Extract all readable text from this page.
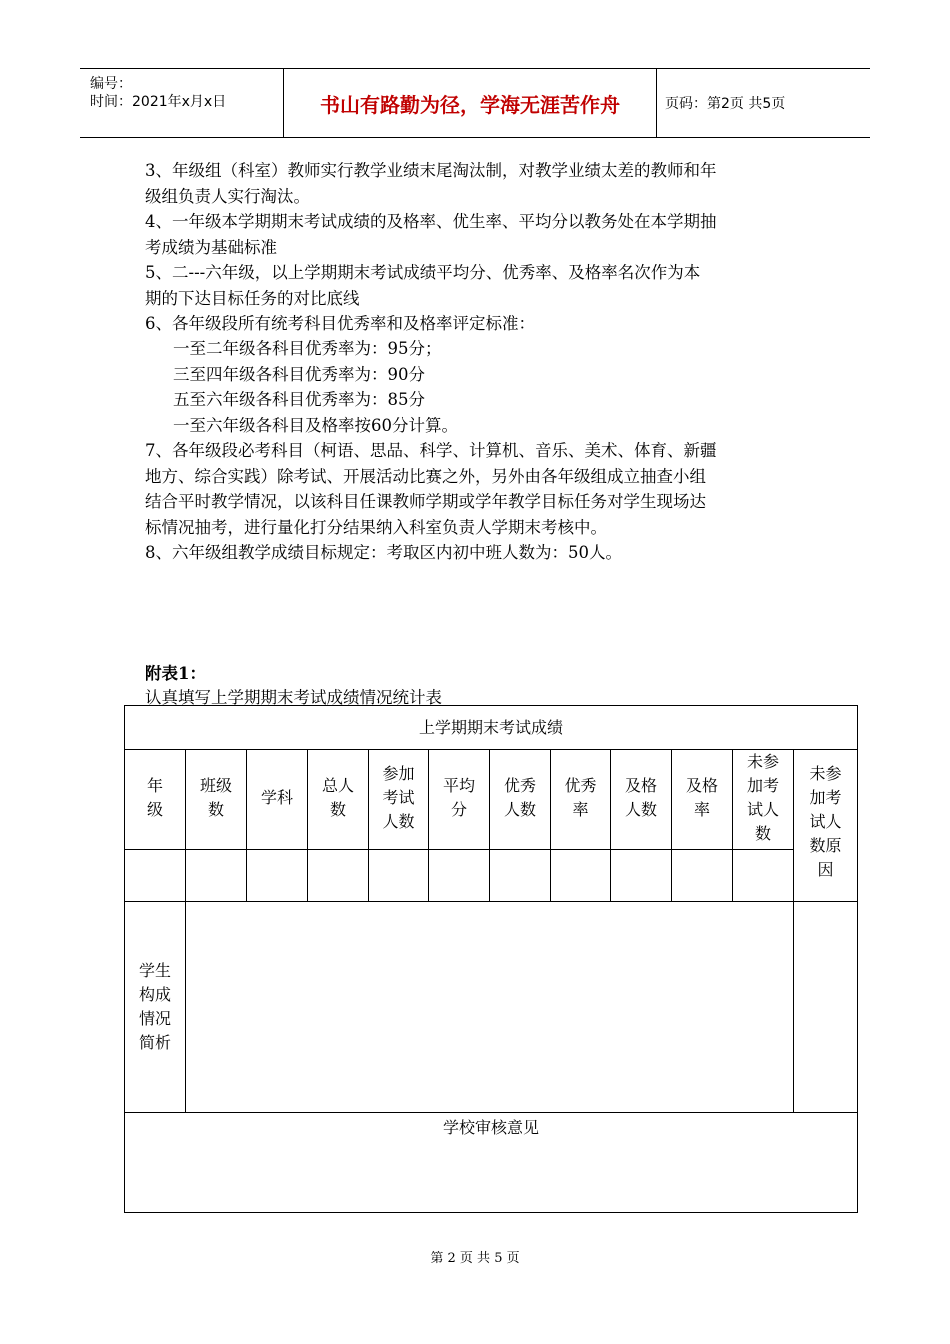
编号：
时间：2021年x月x日	书山有路勤为径，学海无涯苦作舟	页码：第2页 共5页
3、年级组（科室）教师实行教学业绩末尾淘汰制，对教学业绩太差的教师和年
级组负责人实行淘汰。
4、一年级本学期期末考试成绩的及格率、优生率、平均分以教务处在本学期抽
考成绩为基础标准
5、二---六年级，以上学期期末考试成绩平均分、优秀率、及格率名次作为本
期的下达目标任务的对比底线
6、各年级段所有统考科目优秀率和及格率评定标准：
一至二年级各科目优秀率为：95分；
三至四年级各科目优秀率为：90分
五至六年级各科目优秀率为：85分
一至六年级各科目及格率按60分计算。
7、各年级段必考科目（柯语、思品、科学、计算机、音乐、美术、体育、新疆
地方、综合实践）除考试、开展活动比赛之外，另外由各年级组成立抽查小组
结合平时教学情况，以该科目任课教师学期或学年教学目标任务对学生现场达
标情况抽考，进行量化打分结果纳入科室负责人学期末考核中。
8、六年级组教学成绩目标规定：考取区内初中班人数为：50人。
附表1：
认真填写上学期期末考试成绩情况统计表
上学期期末考试成绩
年
级
班级
数
学科
总人
数
参加
考试
人数
平均
分
优秀
人数
优秀
率
及格
人数
及格
率
未参
加考
试人
数
未参
加考
试人
数原
因
学生
构成
情况
简析
学校审核意见
第 2 页 共 5 页
